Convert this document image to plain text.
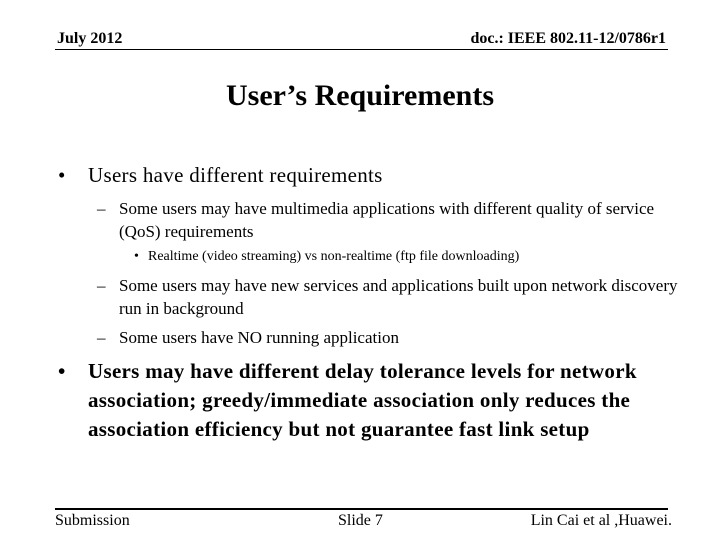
July 2012	doc.: IEEE 802.11-12/0786r1
User’s Requirements
• Users have different requirements
– Some users may have multimedia applications with different quality of service (QoS) requirements
• Realtime (video streaming) vs non-realtime (ftp file downloading)
– Some users may have new services and applications built upon network discovery run in background
– Some users have NO running application
• Users may have different delay tolerance levels for network association; greedy/immediate association only reduces the association efficiency but not guarantee fast link setup
Submission	Slide 7	Lin Cai et al ,Huawei.
